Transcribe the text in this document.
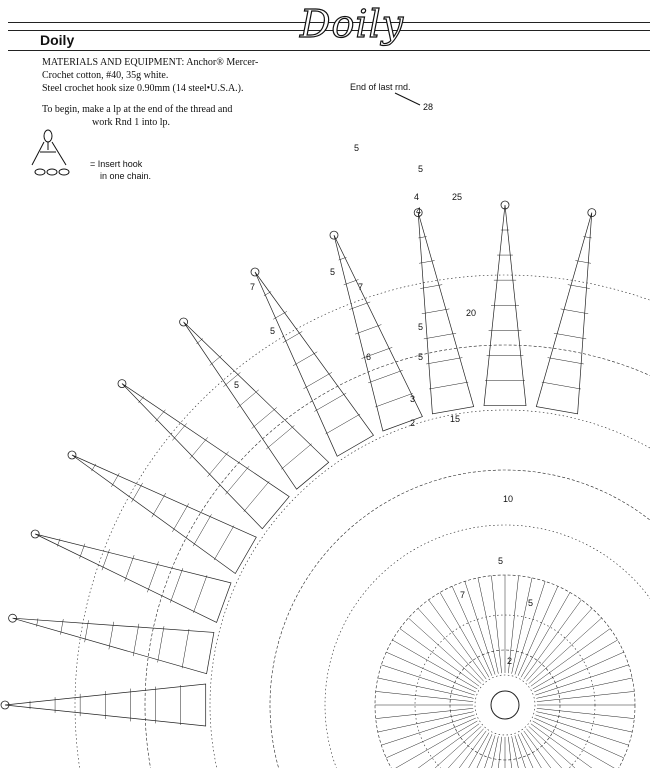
Doily	Doily
MATERIALS AND EQUIPMENT: Anchor® Mercer-
Crochet cotton, #40, 35g white.
Steel crochet hook size 0.90mm (14 steel•U.S.A.).
To begin, make a lp at the end of the thread and
work Rnd 1 into lp.
= Insert hook
in one chain.
End of last rnd.
28
25
20
15
10
2
5
4
5
7
5
5
5
6
5
3
2
5
4
5
7
5
7
